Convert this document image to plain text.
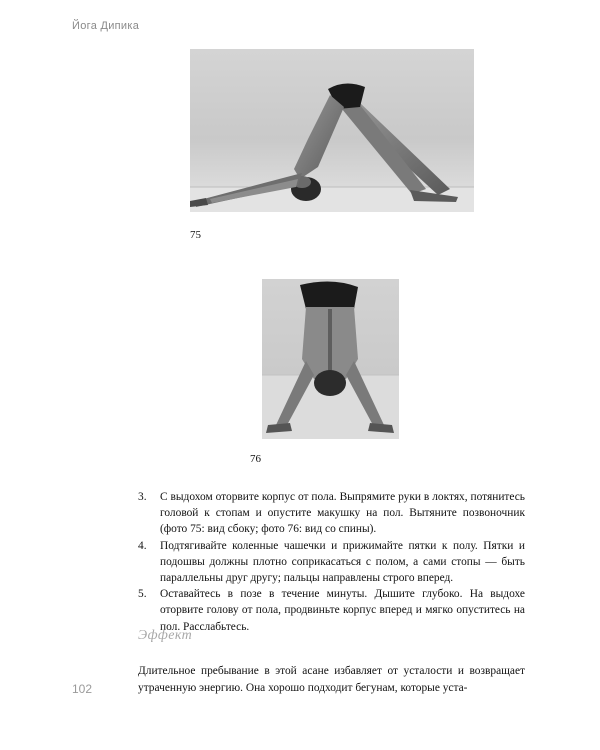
Йога Дипика
75
76
3. С выдохом оторвите корпус от пола. Выпрямите руки в локтях, потянитесь головой к стопам и опустите макушку на пол. Вытяните позвоночник (фото 75: вид сбоку; фото 76: вид со спины).
4. Подтягивайте коленные чашечки и прижимайте пятки к полу. Пятки и подошвы должны плотно соприкасаться с полом, а сами стопы — быть параллельны друг другу; пальцы направлены строго вперед.
5. Оставайтесь в позе в течение минуты. Дышите глубоко. На выдохе оторвите голову от пола, продвиньте корпус вперед и мягко опуститесь на пол. Расслабьтесь.
Эффект

Длительное пребывание в этой асане избавляет от усталости и возвращает утраченную энергию. Она хорошо подходит бегунам, которые уста-

102
